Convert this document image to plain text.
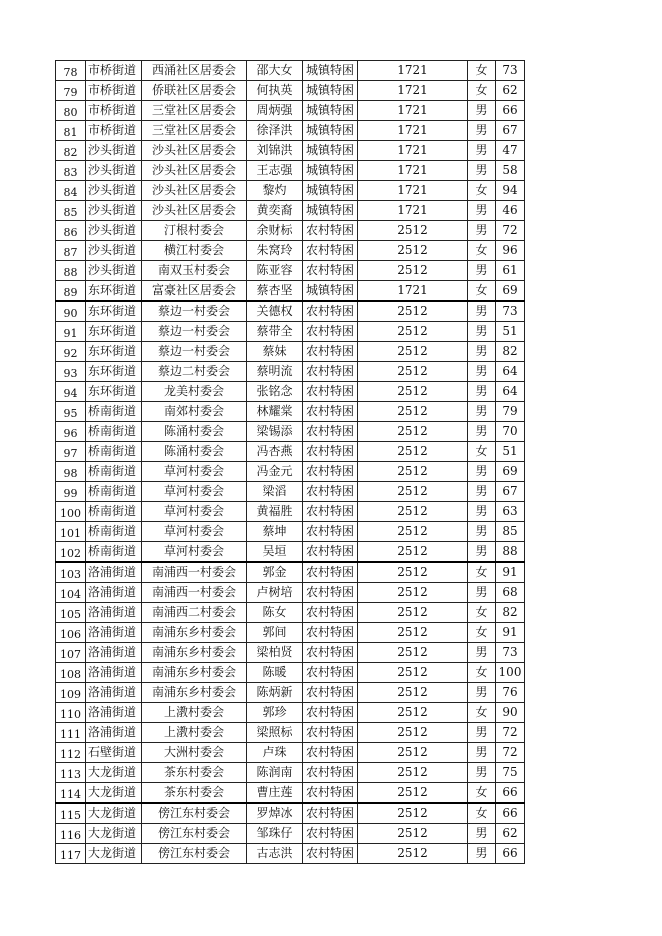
78	市桥街道	西涌社区居委会	邵大女	城镇特困	1721	女	73
79	市桥街道	侨联社区居委会	何执英	城镇特困	1721	女	62
80	市桥街道	三堂社区居委会	周炳强	城镇特困	1721	男	66
81	市桥街道	三堂社区居委会	徐泽洪	城镇特困	1721	男	67
82	沙头街道	沙头社区居委会	刘锦洪	城镇特困	1721	男	47
83	沙头街道	沙头社区居委会	王志强	城镇特困	1721	男	58
84	沙头街道	沙头社区居委会	黎灼	城镇特困	1721	女	94
85	沙头街道	沙头社区居委会	黄奕裔	城镇特困	1721	男	46
86	沙头街道	汀根村委会	余财标	农村特困	2512	男	72
87	沙头街道	横江村委会	朱窝玲	农村特困	2512	女	96
88	沙头街道	南双玉村委会	陈亚容	农村特困	2512	男	61
89	东环街道	富豪社区居委会	蔡杏坚	城镇特困	1721	女	69
90	东环街道	蔡边一村委会	关德权	农村特困	2512	男	73
91	东环街道	蔡边一村委会	蔡带全	农村特困	2512	男	51
92	东环街道	蔡边一村委会	蔡妹	农村特困	2512	男	82
93	东环街道	蔡边二村委会	蔡明流	农村特困	2512	男	64
94	东环街道	龙美村委会	张铭念	农村特困	2512	男	64
95	桥南街道	南郊村委会	林耀棠	农村特困	2512	男	79
96	桥南街道	陈涌村委会	梁锡添	农村特困	2512	男	70
97	桥南街道	陈涌村委会	冯杏燕	农村特困	2512	女	51
98	桥南街道	草河村委会	冯金元	农村特困	2512	男	69
99	桥南街道	草河村委会	梁滔	农村特困	2512	男	67
100	桥南街道	草河村委会	黄福胜	农村特困	2512	男	63
101	桥南街道	草河村委会	蔡坤	农村特困	2512	男	85
102	桥南街道	草河村委会	吴垣	农村特困	2512	男	88
103	洛浦街道	南浦西一村委会	郭金	农村特困	2512	女	91
104	洛浦街道	南浦西一村委会	卢树培	农村特困	2512	男	68
105	洛浦街道	南浦西二村委会	陈女	农村特困	2512	女	82
106	洛浦街道	南浦东乡村委会	郭间	农村特困	2512	女	91
107	洛浦街道	南浦东乡村委会	梁柏贤	农村特困	2512	男	73
108	洛浦街道	南浦东乡村委会	陈暖	农村特困	2512	女	100
109	洛浦街道	南浦东乡村委会	陈炳新	农村特困	2512	男	76
110	洛浦街道	上漖村委会	郭珍	农村特困	2512	女	90
111	洛浦街道	上漖村委会	梁照标	农村特困	2512	男	72
112	石壁街道	大洲村委会	卢珠	农村特困	2512	男	72
113	大龙街道	茶东村委会	陈润南	农村特困	2512	男	75
114	大龙街道	茶东村委会	曹庄莲	农村特困	2512	女	66
115	大龙街道	傍江东村委会	罗焯冰	农村特困	2512	女	66
116	大龙街道	傍江东村委会	邹珠仔	农村特困	2512	男	62
117	大龙街道	傍江东村委会	古志洪	农村特困	2512	男	66
